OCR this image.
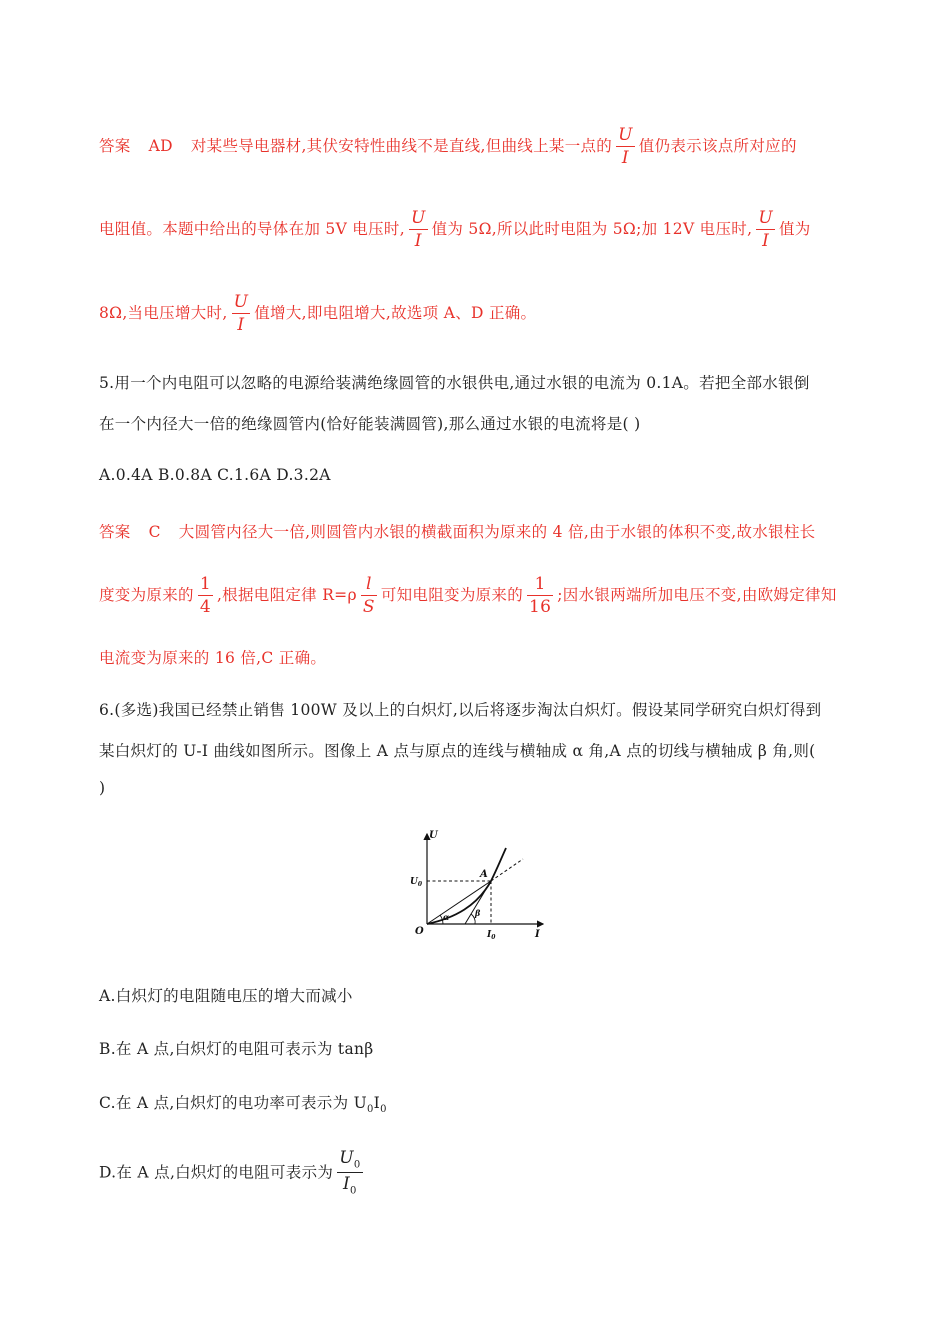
答案 AD 对某些导电器材,其伏安特性曲线不是直线,但曲线上某一点的 $\frac{U}{I}$ 值仍表示该点所对应的
电阻值。本题中给出的导体在加 5V 电压时, $\frac{U}{I}$ 值为 5Ω,所以此时电阻为 5Ω;加 12V 电压时, $\frac{U}{I}$ 值为
8Ω,当电压增大时, $\frac{U}{I}$ 值增大,即电阻增大,故选项 A、D 正确。
5.用一个内电阻可以忽略的电源给装满绝缘圆管的水银供电,通过水银的电流为 0.1A。若把全部水银倒
在一个内径大一倍的绝缘圆管内(恰好能装满圆管),那么通过水银的电流将是( )
A.0.4A B.0.8A C.1.6A D.3.2A
答案 C 大圆管内径大一倍,则圆管内水银的横截面积为原来的 4 倍,由于水银的体积不变,故水银柱长
度变为原来的 $\frac{1}{4}$ ,根据电阻定律 $R=\rho \frac{l}{S}$ 可知电阻变为原来的 $\frac{1}{16}$ ;因水银两端所加电压不变,由欧姆定律知
电流变为原来的 16 倍,C 正确。
6.(多选)我国已经禁止销售 100W 及以上的白炽灯,以后将逐步淘汰白炽灯。假设某同学研究白炽灯得到
某白炽灯的 U-I 曲线如图所示。图像上 A 点与原点的连线与横轴成 α 角,A 点的切线与横轴成 β 角,则(
)
U
I
O
A
$U_0$
$I_0$
α	β
A.白炽灯的电阻随电压的增大而减小
B.在 A 点,白炽灯的电阻可表示为 tanβ
C.在 A 点,白炽灯的电功率可表示为 $U_0I_0$
D.在 A 点,白炽灯的电阻可表示为 $\frac{U_0}{I_0}$
